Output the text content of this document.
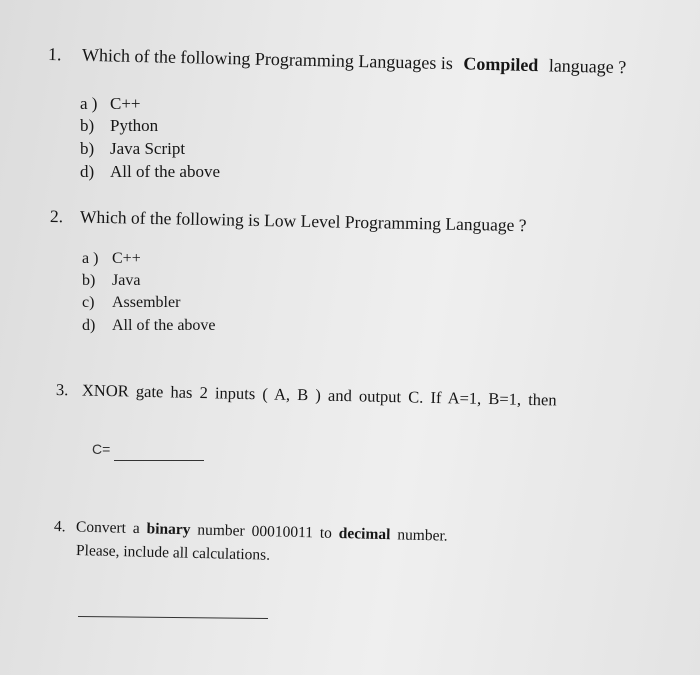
1. Which of the following Programming Languages is Compiled language ?
a ) C++
b) Python
b) Java Script
d) All of the above
2. Which of the following is Low Level Programming Language ?
a ) C++
b) Java
c) Assembler
d) All of the above
3. XNOR gate has 2 inputs ( A, B ) and output C. If A=1, B=1, then
C=
4. Convert a binary number 00010011 to decimal number.
Please, include all calculations.
